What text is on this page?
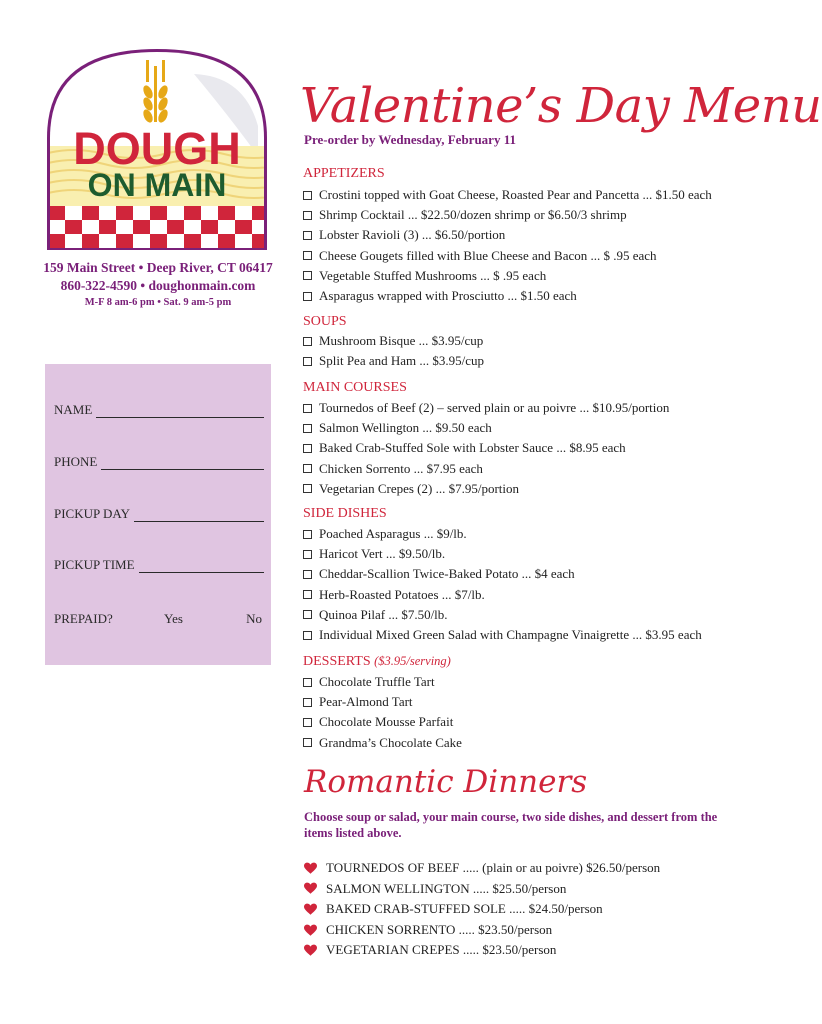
DOUGH
ON MAIN
159 Main Street • Deep River, CT 06417
860-322-4590 • doughonmain.com
M-F 8 am-6 pm • Sat. 9 am-5 pm
NAME
PHONE
PICKUP DAY
PICKUP TIME
PREPAID?	Yes	No
Valentine’s Day Menu
Pre-order by Wednesday, February 11
APPETIZERS
Crostini topped with Goat Cheese, Roasted Pear and Pancetta ... $1.50 each
Shrimp Cocktail ... $22.50/dozen shrimp or $6.50/3 shrimp
Lobster Ravioli (3) ... $6.50/portion
Cheese Gougets filled with Blue Cheese and Bacon ... $ .95 each
Vegetable Stuffed Mushrooms ... $ .95 each
Asparagus wrapped with Prosciutto ... $1.50 each
SOUPS
Mushroom Bisque ... $3.95/cup
Split Pea and Ham ... $3.95/cup
MAIN COURSES
Tournedos of Beef (2) – served plain or au poivre ... $10.95/portion
Salmon Wellington ... $9.50 each
Baked Crab-Stuffed Sole with Lobster Sauce ... $8.95 each
Chicken Sorrento ... $7.95 each
Vegetarian Crepes (2) ... $7.95/portion
SIDE DISHES
Poached Asparagus ... $9/lb.
Haricot Vert ... $9.50/lb.
Cheddar-Scallion Twice-Baked Potato ... $4 each
Herb-Roasted Potatoes ... $7/lb.
Quinoa Pilaf ... $7.50/lb.
Individual Mixed Green Salad with Champagne Vinaigrette ... $3.95 each
DESSERTS ($3.95/serving)
Chocolate Truffle Tart
Pear-Almond Tart
Chocolate Mousse Parfait
Grandma’s Chocolate Cake
Romantic Dinners
Choose soup or salad, your main course, two side dishes, and dessert from the items listed above.
TOURNEDOS OF BEEF ..... (plain or au poivre) $26.50/person
SALMON WELLINGTON ..... $25.50/person
BAKED CRAB-STUFFED SOLE ..... $24.50/person
CHICKEN SORRENTO ..... $23.50/person
VEGETARIAN CREPES ..... $23.50/person
